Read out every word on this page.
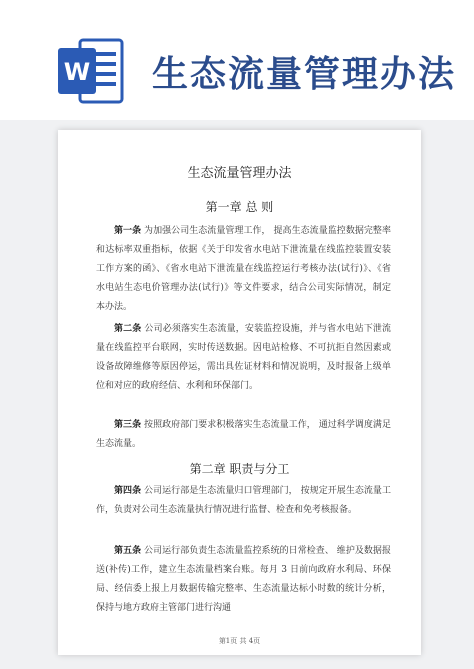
W 生态流量管理办法
生态流量管理办法
第一章 总 则

第一条 为加强公司生态流量管理工作， 提高生态流量监控数据完整率和达标率双重指标，依据《关于印发省水电站下泄流量在线监控装置安装工作方案的函》、《省水电站下泄流量在线监控运行考核办法(试行)》、《省水电站生态电价管理办法(试行)》等文件要求，结合公司实际情况，制定本办法。

第二条 公司必须落实生态流量，安装监控设施，并与省水电站下泄流量在线监控平台联网，实时传送数据。因电站检修、不可抗拒自然因素或设备故障维修等原因停运，需出具佐证材料和情况说明，及时报备上级单位和对应的政府经信、水利和环保部门。

第三条 按照政府部门要求积极落实生态流量工作， 通过科学调度满足生态流量。

第二章 职责与分工

第四条 公司运行部是生态流量归口管理部门， 按规定开展生态流量工作，负责对公司生态流量执行情况进行监督、检查和免考核报备。

第五条 公司运行部负责生态流量监控系统的日常检查、 维护及数据报送(补传)工作，建立生态流量档案台账。每月 3 日前向政府水利局、环保局、经信委上报上月数据传输完整率、生态流量达标小时数的统计分析，保持与地方政府主管部门进行沟通

第1页 共 4页
